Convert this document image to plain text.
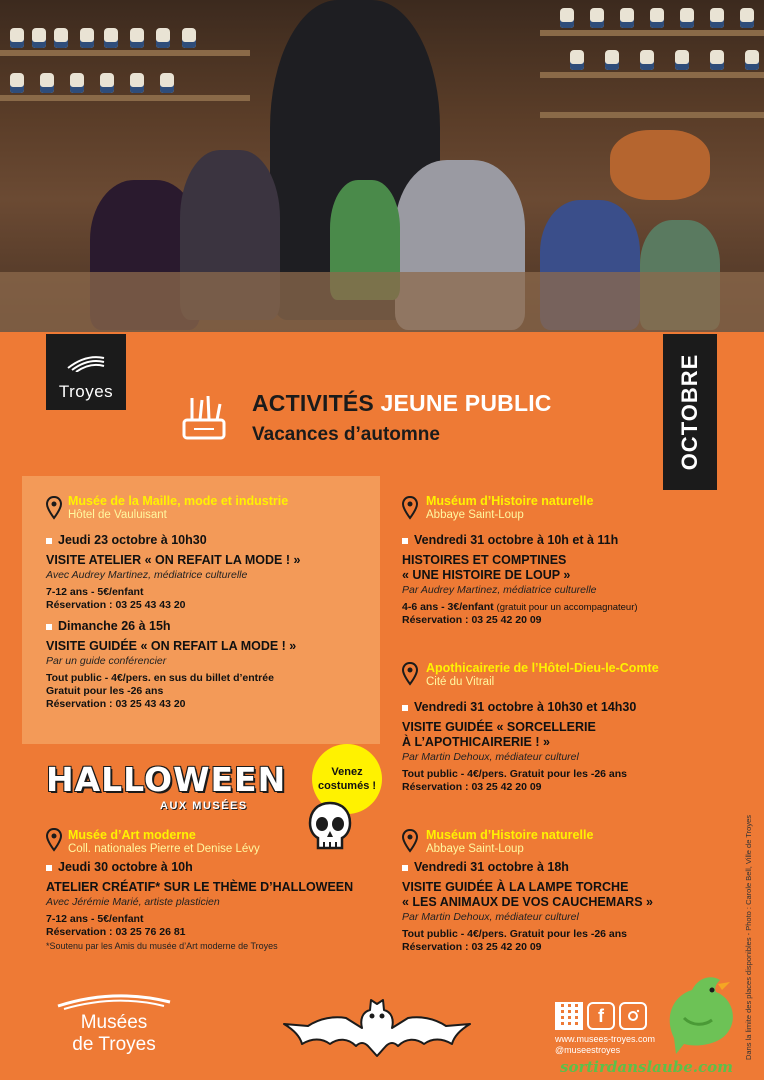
Troyes	OCTOBRE
ACTIVITÉS JEUNE PUBLIC
Vacances d’automne
Musée de la Maille, mode et industrie
Hôtel de Vauluisant
Jeudi 23 octobre à 10h30
VISITE ATELIER « ON REFAIT LA MODE ! »
Avec Audrey Martinez, médiatrice culturelle
7-12 ans - 5€/enfant
Réservation : 03 25 43 43 20
Dimanche 26 à 15h
VISITE GUIDÉE « ON REFAIT LA MODE ! »
Par un guide conférencier
Tout public - 4€/pers. en sus du billet d’entrée
Gratuit pour les -26 ans
Réservation : 03 25 43 43 20
HALLOWEEN
AUX MUSÉES
Venez
costumés !
Musée d’Art moderne
Coll. nationales Pierre et Denise Lévy
Jeudi 30 octobre à 10h
ATELIER CRÉATIF* SUR LE THÈME D’HALLOWEEN
Avec Jérémie Marié, artiste plasticien
7-12 ans - 5€/enfant
Réservation : 03 25 76 26 81
*Soutenu par les Amis du musée d’Art moderne de Troyes
Muséum d’Histoire naturelle
Abbaye Saint-Loup
Vendredi 31 octobre à 10h et à 11h
HISTOIRES ET COMPTINES
« UNE HISTOIRE DE LOUP »
Par Audrey Martinez, médiatrice culturelle
4-6 ans - 3€/enfant (gratuit pour un accompagnateur)
Réservation : 03 25 42 20 09
Apothicairerie de l’Hôtel-Dieu-le-Comte
Cité du Vitrail
Vendredi 31 octobre à 10h30 et 14h30
VISITE GUIDÉE « SORCELLERIE
À L’APOTHICAIRERIE ! »
Par Martin Dehoux, médiateur culturel
Tout public - 4€/pers. Gratuit pour les -26 ans
Réservation : 03 25 42 20 09
Muséum d’Histoire naturelle
Abbaye Saint-Loup
Vendredi 31 octobre à 18h
VISITE GUIDÉE À LA LAMPE TORCHE
« LES ANIMAUX DE VOS CAUCHEMARS »
Par Martin Dehoux, médiateur culturel
Tout public - 4€/pers. Gratuit pour les -26 ans
Réservation : 03 25 42 20 09
Musées
de Troyes
f
www.musees-troyes.com
@museestroyes
sortirdanslaube.com
Dans la limite des places disponibles - Photo : Carole Bell, Ville de Troyes
